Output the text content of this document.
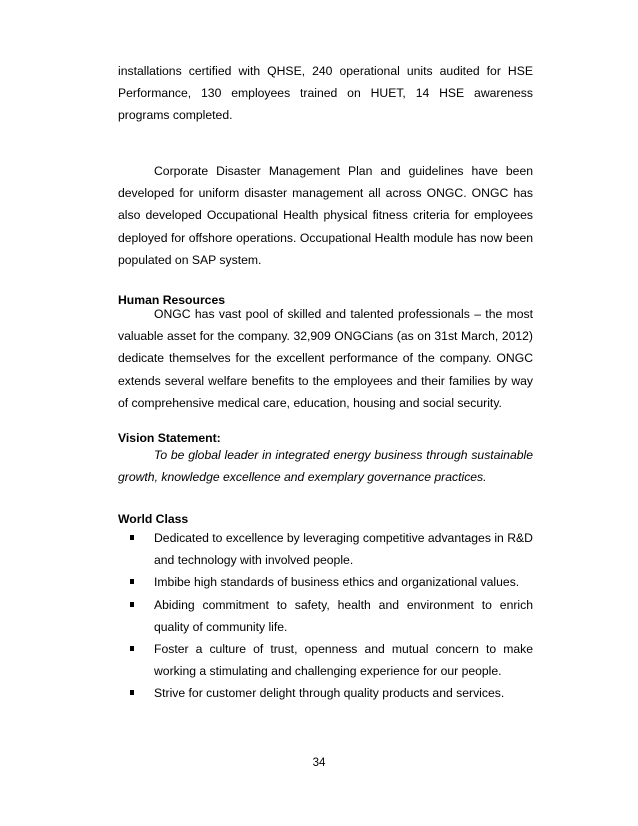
installations certified with QHSE, 240 operational units audited for HSE Performance, 130 employees trained on HUET, 14 HSE awareness programs completed.

Corporate Disaster Management Plan and guidelines have been developed for uniform disaster management all across ONGC. ONGC has also developed Occupational Health physical fitness criteria for employees deployed for offshore operations. Occupational Health module has now been populated on SAP system.

Human Resources

ONGC has vast pool of skilled and talented professionals – the most valuable asset for the company. 32,909 ONGCians (as on 31st March, 2012) dedicate themselves for the excellent performance of the company. ONGC extends several welfare benefits to the employees and their families by way of comprehensive medical care, education, housing and social security.

Vision Statement:

To be global leader in integrated energy business through sustainable growth, knowledge excellence and exemplary governance practices.

World Class
Dedicated to excellence by leveraging competitive advantages in R&D and technology with involved people.
Imbibe high standards of business ethics and organizational values.
Abiding commitment to safety, health and environment to enrich quality of community life.
Foster a culture of trust, openness and mutual concern to make working a stimulating and challenging experience for our people.
Strive for customer delight through quality products and services.
34
